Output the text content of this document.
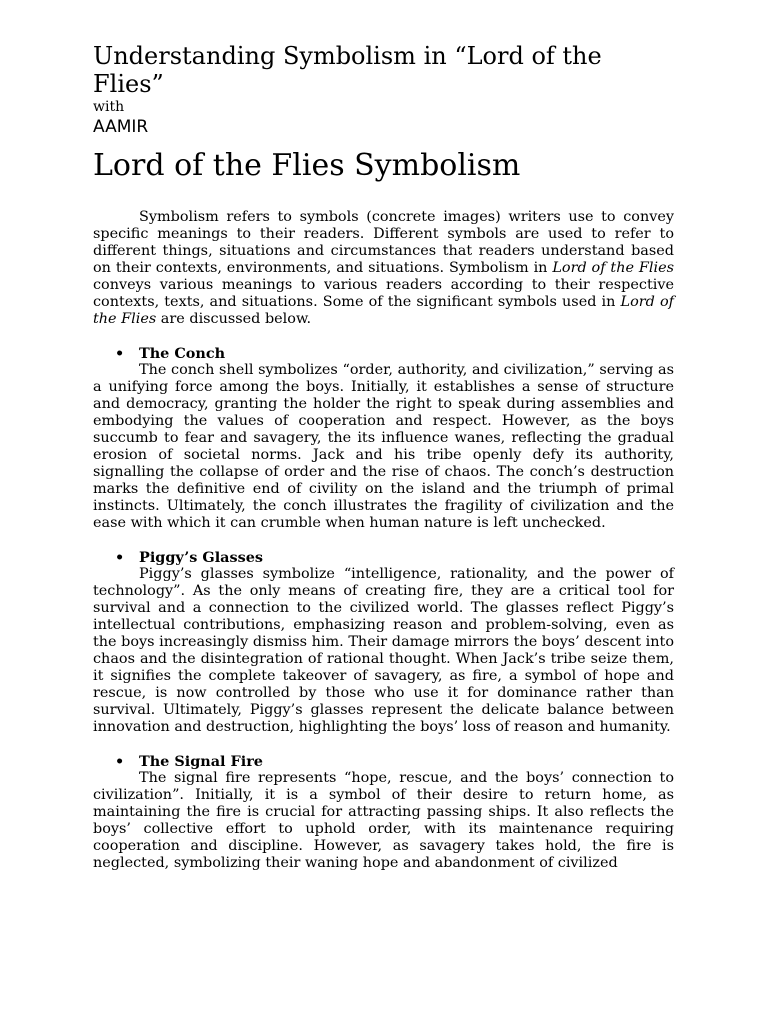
Understanding Symbolism in “Lord of the Flies”
with
AAMIR
Lord of the Flies Symbolism

Symbolism refers to symbols (concrete images) writers use to convey specific meanings to their readers. Different symbols are used to refer to different things, situations and circumstances that readers understand based on their contexts, environments, and situations. Symbolism in Lord of the Flies conveys various meanings to various readers according to their respective contexts, texts, and situations. Some of the significant symbols used in Lord of the Flies are discussed below.

• The Conch

The conch shell symbolizes “order, authority, and civilization,” serving as a unifying force among the boys. Initially, it establishes a sense of structure and democracy, granting the holder the right to speak during assemblies and embodying the values of cooperation and respect. However, as the boys succumb to fear and savagery, the its influence wanes, reflecting the gradual erosion of societal norms. Jack and his tribe openly defy its authority, signalling the collapse of order and the rise of chaos. The conch’s destruction marks the definitive end of civility on the island and the triumph of primal instincts. Ultimately, the conch illustrates the fragility of civilization and the ease with which it can crumble when human nature is left unchecked.

• Piggy’s Glasses

Piggy’s glasses symbolize “intelligence, rationality, and the power of technology”. As the only means of creating fire, they are a critical tool for survival and a connection to the civilized world. The glasses reflect Piggy’s intellectual contributions, emphasizing reason and problem-solving, even as the boys increasingly dismiss him. Their damage mirrors the boys’ descent into chaos and the disintegration of rational thought. When Jack’s tribe seize them, it signifies the complete takeover of savagery, as fire, a symbol of hope and rescue, is now controlled by those who use it for dominance rather than survival. Ultimately, Piggy’s glasses represent the delicate balance between innovation and destruction, highlighting the boys’ loss of reason and humanity.

• The Signal Fire

The signal fire represents “hope, rescue, and the boys’ connection to civilization”. Initially, it is a symbol of their desire to return home, as maintaining the fire is crucial for attracting passing ships. It also reflects the boys’ collective effort to uphold order, with its maintenance requiring cooperation and discipline. However, as savagery takes hold, the fire is neglected, symbolizing their waning hope and abandonment of civilized
